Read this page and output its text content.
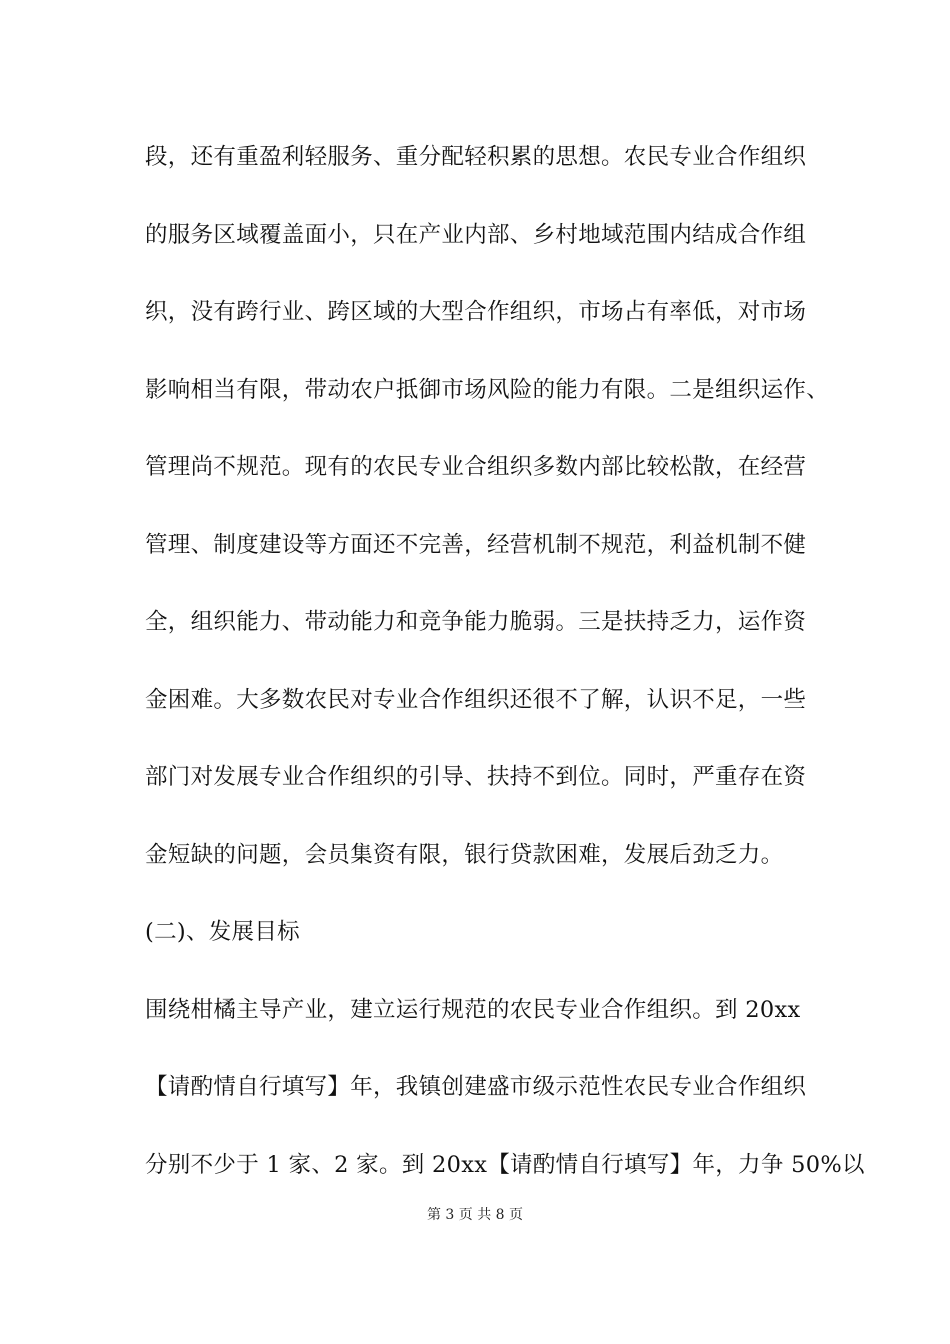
段，还有重盈利轻服务、重分配轻积累的思想。农民专业合作组织
的服务区域覆盖面小，只在产业内部、乡村地域范围内结成合作组
织，没有跨行业、跨区域的大型合作组织，市场占有率低，对市场
影响相当有限，带动农户抵御市场风险的能力有限。二是组织运作、
管理尚不规范。现有的农民专业合组织多数内部比较松散，在经营
管理、制度建设等方面还不完善，经营机制不规范，利益机制不健
全，组织能力、带动能力和竞争能力脆弱。三是扶持乏力，运作资
金困难。大多数农民对专业合作组织还很不了解，认识不足，一些
部门对发展专业合作组织的引导、扶持不到位。同时，严重存在资
金短缺的问题，会员集资有限，银行贷款困难，发展后劲乏力。
(二)、发展目标
围绕柑橘主导产业，建立运行规范的农民专业合作组织。到 20xx
【请酌情自行填写】年，我镇创建盛市级示范性农民专业合作组织
分别不少于 1 家、2 家。到 20xx【请酌情自行填写】年，力争 50%以
第 3 页 共 8 页
